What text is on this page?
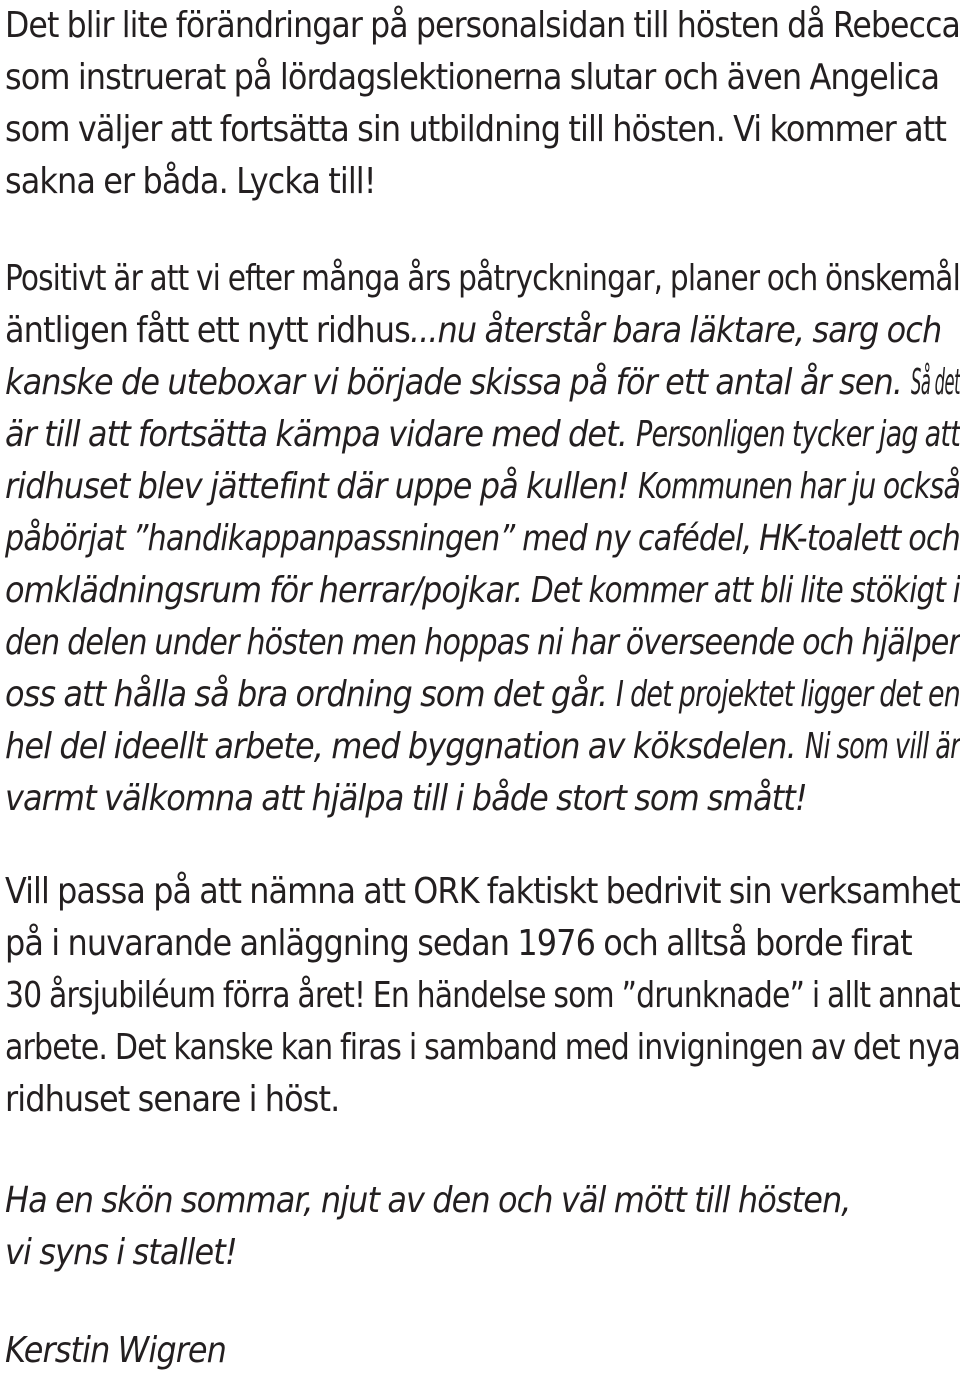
Det blir lite förändringar på personalsidan till hösten då Rebecca
som instruerat på lördagslektionerna slutar och även Angelica
som väljer att fortsätta sin utbildning till hösten. Vi kommer att
sakna er båda. Lycka till!
Positivt är att vi efter många års påtryckningar, planer och önskemål
äntligen fått ett nytt ridhus...nu återstår bara läktare, sarg och
kanske de uteboxar vi började skissa på för ett antal år sen. Så det
är till att fortsätta kämpa vidare med det. Personligen tycker jag att
ridhuset blev jättefint där uppe på kullen! Kommunen har ju också
påbörjat ”handikappanpassningen” med ny cafédel, HK-toalett och
omklädningsrum för herrar/pojkar. Det kommer att bli lite stökigt i
den delen under hösten men hoppas ni har överseende och hjälper
oss att hålla så bra ordning som det går. I det projektet ligger det en
hel del ideellt arbete, med byggnation av köksdelen. Ni som vill är
varmt välkomna att hjälpa till i både stort som smått!
Vill passa på att nämna att ORK faktiskt bedrivit sin verksamhet
på i nuvarande anläggning sedan 1976 och alltså borde firat
30 årsjubiléum förra året! En händelse som ”drunknade” i allt annat
arbete. Det kanske kan firas i samband med invigningen av det nya
ridhuset senare i höst.
Ha en skön sommar, njut av den och väl mött till hösten,
vi syns i stallet!
Kerstin Wigren
